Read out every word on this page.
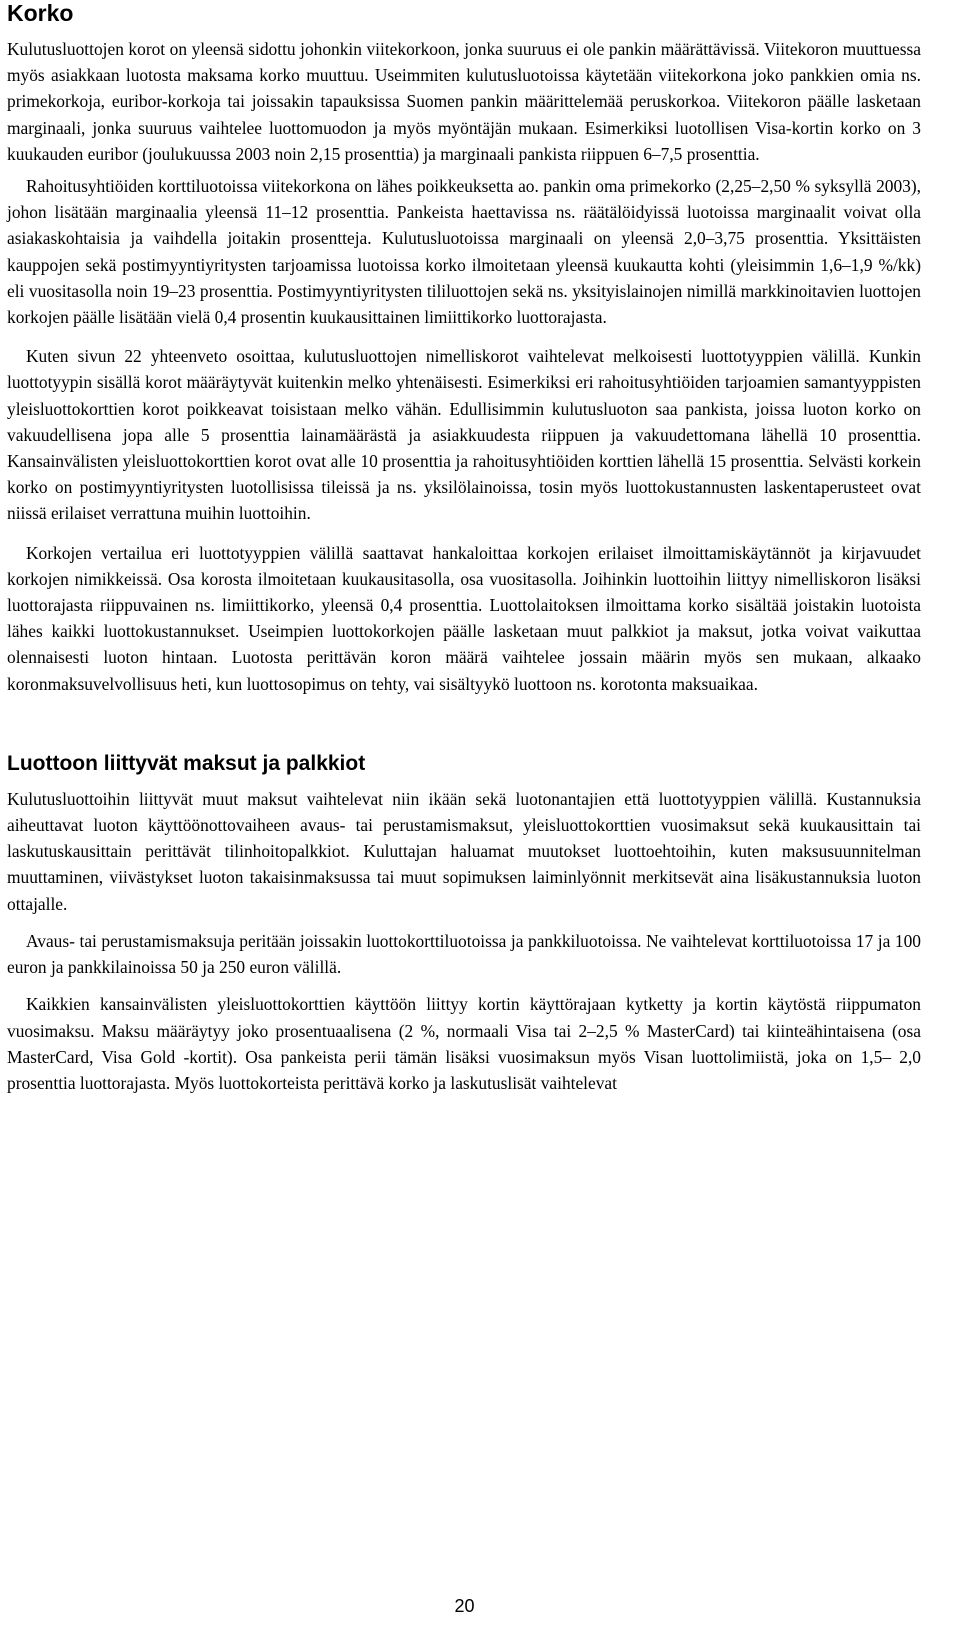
Korko

Kulutusluottojen korot on yleensä sidottu johonkin viitekorkoon, jonka suuruus ei ole pankin määrättävissä. Viitekoron muuttuessa myös asiakkaan luotosta maksama korko muuttuu. Useimmiten kulutusluotoissa käytetään viitekorkona joko pankkien omia ns. primekorkoja, euribor-korkoja tai joissakin tapauksissa Suomen pankin määrittelemää peruskorkoa. Viitekoron päälle lasketaan marginaali, jonka suuruus vaihtelee luottomuodon ja myös myöntäjän mukaan. Esimerkiksi luotollisen Visa-kortin korko on 3 kuukauden euribor (joulukuussa 2003 noin 2,15 prosenttia) ja marginaali pankista riippuen 6–7,5 prosenttia.

Rahoitusyhtiöiden korttiluotoissa viitekorkona on lähes poikkeuksetta ao. pankin oma primekorko (2,25–2,50 % syksyllä 2003), johon lisätään marginaalia yleensä 11–12 prosenttia. Pankeista haettavissa ns. räätälöidyissä luotoissa marginaalit voivat olla asiakaskohtaisia ja vaihdella joitakin prosentteja. Kulutusluotoissa marginaali on yleensä 2,0–3,75 prosenttia. Yksittäisten kauppojen sekä postimyyntiyritysten tarjoamissa luotoissa korko ilmoitetaan yleensä kuukautta kohti (yleisimmin 1,6–1,9 %/kk) eli vuositasolla noin 19–23 prosenttia. Postimyyntiyritysten tililuottojen sekä ns. yksityislainojen nimillä markkinoitavien luottojen korkojen päälle lisätään vielä 0,4 prosentin kuukausittainen limiittikorko luottorajasta.

Kuten sivun 22 yhteenveto osoittaa, kulutusluottojen nimelliskorot vaihtelevat melkoisesti luottotyyppien välillä. Kunkin luottotyypin sisällä korot määräytyvät kuitenkin melko yhtenäisesti. Esimerkiksi eri rahoitusyhtiöiden tarjoamien samantyyppisten yleisluottokorttien korot poikkeavat toisistaan melko vähän. Edullisimmin kulutusluoton saa pankista, joissa luoton korko on vakuudellisena jopa alle 5 prosenttia lainamäärästä ja asiakkuudesta riippuen ja vakuudettomana lähellä 10 prosenttia. Kansainvälisten yleisluottokorttien korot ovat alle 10 prosenttia ja rahoitusyhtiöiden korttien lähellä 15 prosenttia. Selvästi korkein korko on postimyyntiyritysten luotollisissa tileissä ja ns. yksilölainoissa, tosin myös luottokustannusten laskentaperusteet ovat niissä erilaiset verrattuna muihin luottoihin.

Korkojen vertailua eri luottotyyppien välillä saattavat hankaloittaa korkojen erilaiset ilmoittamiskäytännöt ja kirjavuudet korkojen nimikkeissä. Osa korosta ilmoitetaan kuukausitasolla, osa vuositasolla. Joihinkin luottoihin liittyy nimelliskoron lisäksi luottorajasta riippuvainen ns. limiittikorko, yleensä 0,4 prosenttia. Luottolaitoksen ilmoittama korko sisältää joistakin luotoista lähes kaikki luottokustannukset. Useimpien luottokorkojen päälle lasketaan muut palkkiot ja maksut, jotka voivat vaikuttaa olennaisesti luoton hintaan. Luotosta perittävän koron määrä vaihtelee jossain määrin myös sen mukaan, alkaako koronmaksuvelvollisuus heti, kun luottosopimus on tehty, vai sisältyykö luottoon ns. korotonta maksuaikaa.

Luottoon liittyvät maksut ja palkkiot

Kulutusluottoihin liittyvät muut maksut vaihtelevat niin ikään sekä luotonantajien että luottotyyppien välillä. Kustannuksia aiheuttavat luoton käyttöönottovaiheen avaus- tai perustamismaksut, yleisluottokorttien vuosimaksut sekä kuukausittain tai laskutuskausittain perittävät tilinhoitopalkkiot. Kuluttajan haluamat muutokset luottoehtoihin, kuten maksusuunnitelman muuttaminen, viivästykset luoton takaisinmaksussa tai muut sopimuksen laiminlyönnit merkitsevät aina lisäkustannuksia luoton ottajalle.

Avaus- tai perustamismaksuja peritään joissakin luottokorttiluotoissa ja pankkiluotoissa. Ne vaihtelevat korttiluotoissa 17 ja 100 euron ja pankkilainoissa 50 ja 250 euron välillä.

Kaikkien kansainvälisten yleisluottokorttien käyttöön liittyy kortin käyttörajaan kytketty ja kortin käytöstä riippumaton vuosimaksu. Maksu määräytyy joko prosentuaalisena (2 %, normaali Visa tai 2–2,5 % MasterCard) tai kiinteähintaisena (osa MasterCard, Visa Gold -kortit). Osa pankeista perii tämän lisäksi vuosimaksun myös Visan luottolimiistä, joka on 1,5– 2,0 prosenttia luottorajasta. Myös luottokorteista perittävä korko ja laskutuslisät vaihtelevat

20
